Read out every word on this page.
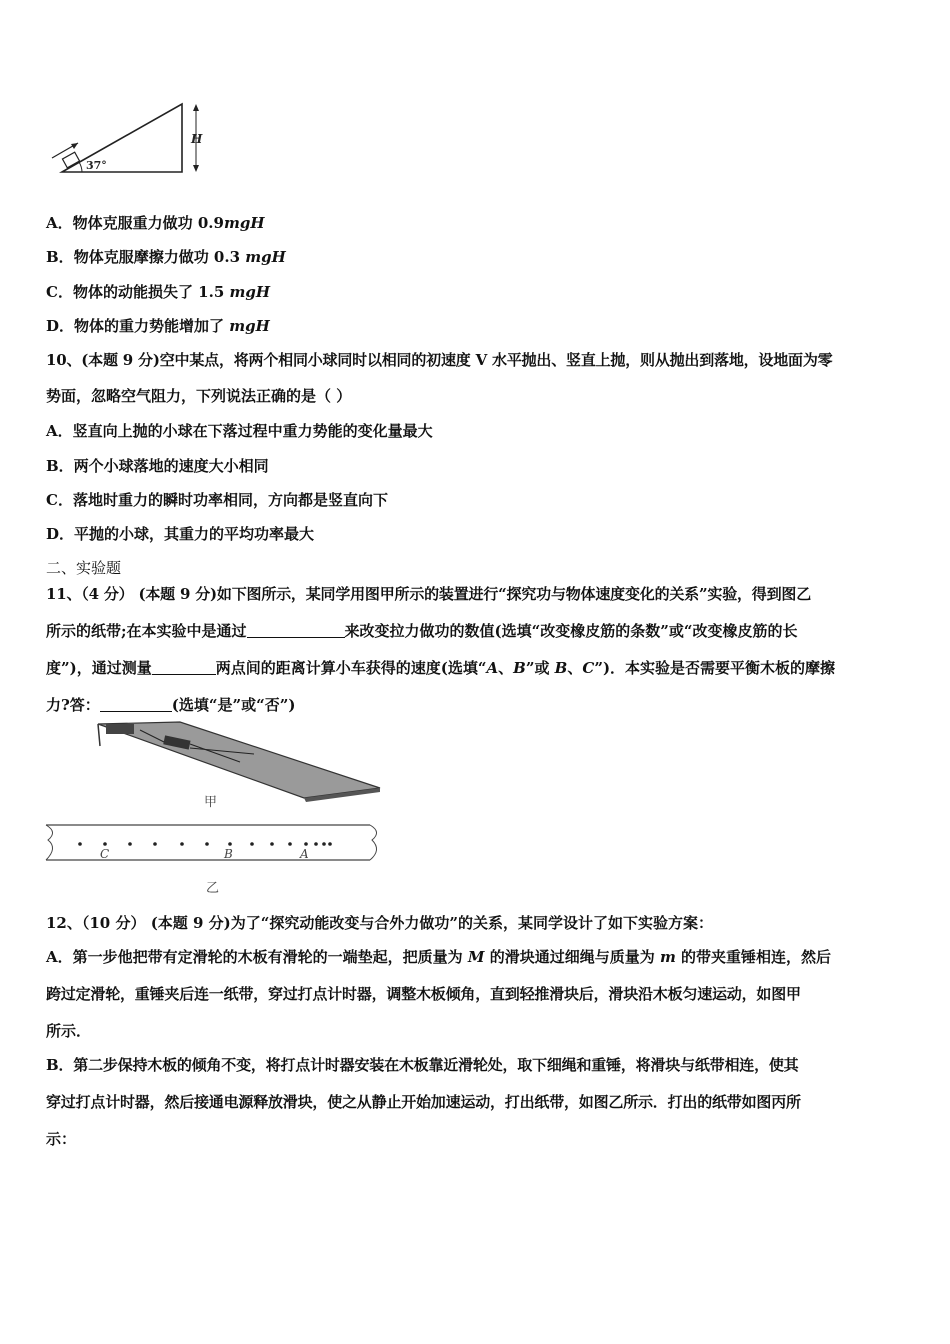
37°
H
A．物体克服重力做功 0.9mgH
B．物体克服摩擦力做功 0.3 mgH
C．物体的动能损失了 1.5 mgH
D．物体的重力势能增加了 mgH
10、(本题 9 分)空中某点，将两个相同小球同时以相同的初速度 V 水平抛出、竖直上抛，则从抛出到落地，设地面为零
势面，忽略空气阻力，下列说法正确的是（ ）
A．竖直向上抛的小球在下落过程中重力势能的变化量最大
B．两个小球落地的速度大小相同
C．落地时重力的瞬时功率相同，方向都是竖直向下
D．平抛的小球，其重力的平均功率最大
二、实验题
11、（4 分） (本题 9 分)如下图所示，某同学用图甲所示的装置进行“探究功与物体速度变化的关系”实验，得到图乙
所示的纸带;在本实验中是通过	来改变拉力做功的数值(选填“改变橡皮筋的条数”或“改变橡皮筋的长
度”)，通过测量	两点间的距离计算小车获得的速度(选填“A、B”或 B、C”)．本实验是否需要平衡木板的摩擦
力?答：	(选填“是”或“否”)
甲
C	B	A
乙
12、（10 分） (本题 9 分)为了“探究动能改变与合外力做功”的关系，某同学设计了如下实验方案：
A．第一步他把带有定滑轮的木板有滑轮的一端垫起，把质量为 M 的滑块通过细绳与质量为 m 的带夹重锤相连，然后
跨过定滑轮，重锤夹后连一纸带，穿过打点计时器，调整木板倾角，直到轻推滑块后，滑块沿木板匀速运动，如图甲
所示．
B．第二步保持木板的倾角不变，将打点计时器安装在木板靠近滑轮处，取下细绳和重锤，将滑块与纸带相连，使其
穿过打点计时器，然后接通电源释放滑块，使之从静止开始加速运动，打出纸带，如图乙所示．打出的纸带如图丙所
示：
